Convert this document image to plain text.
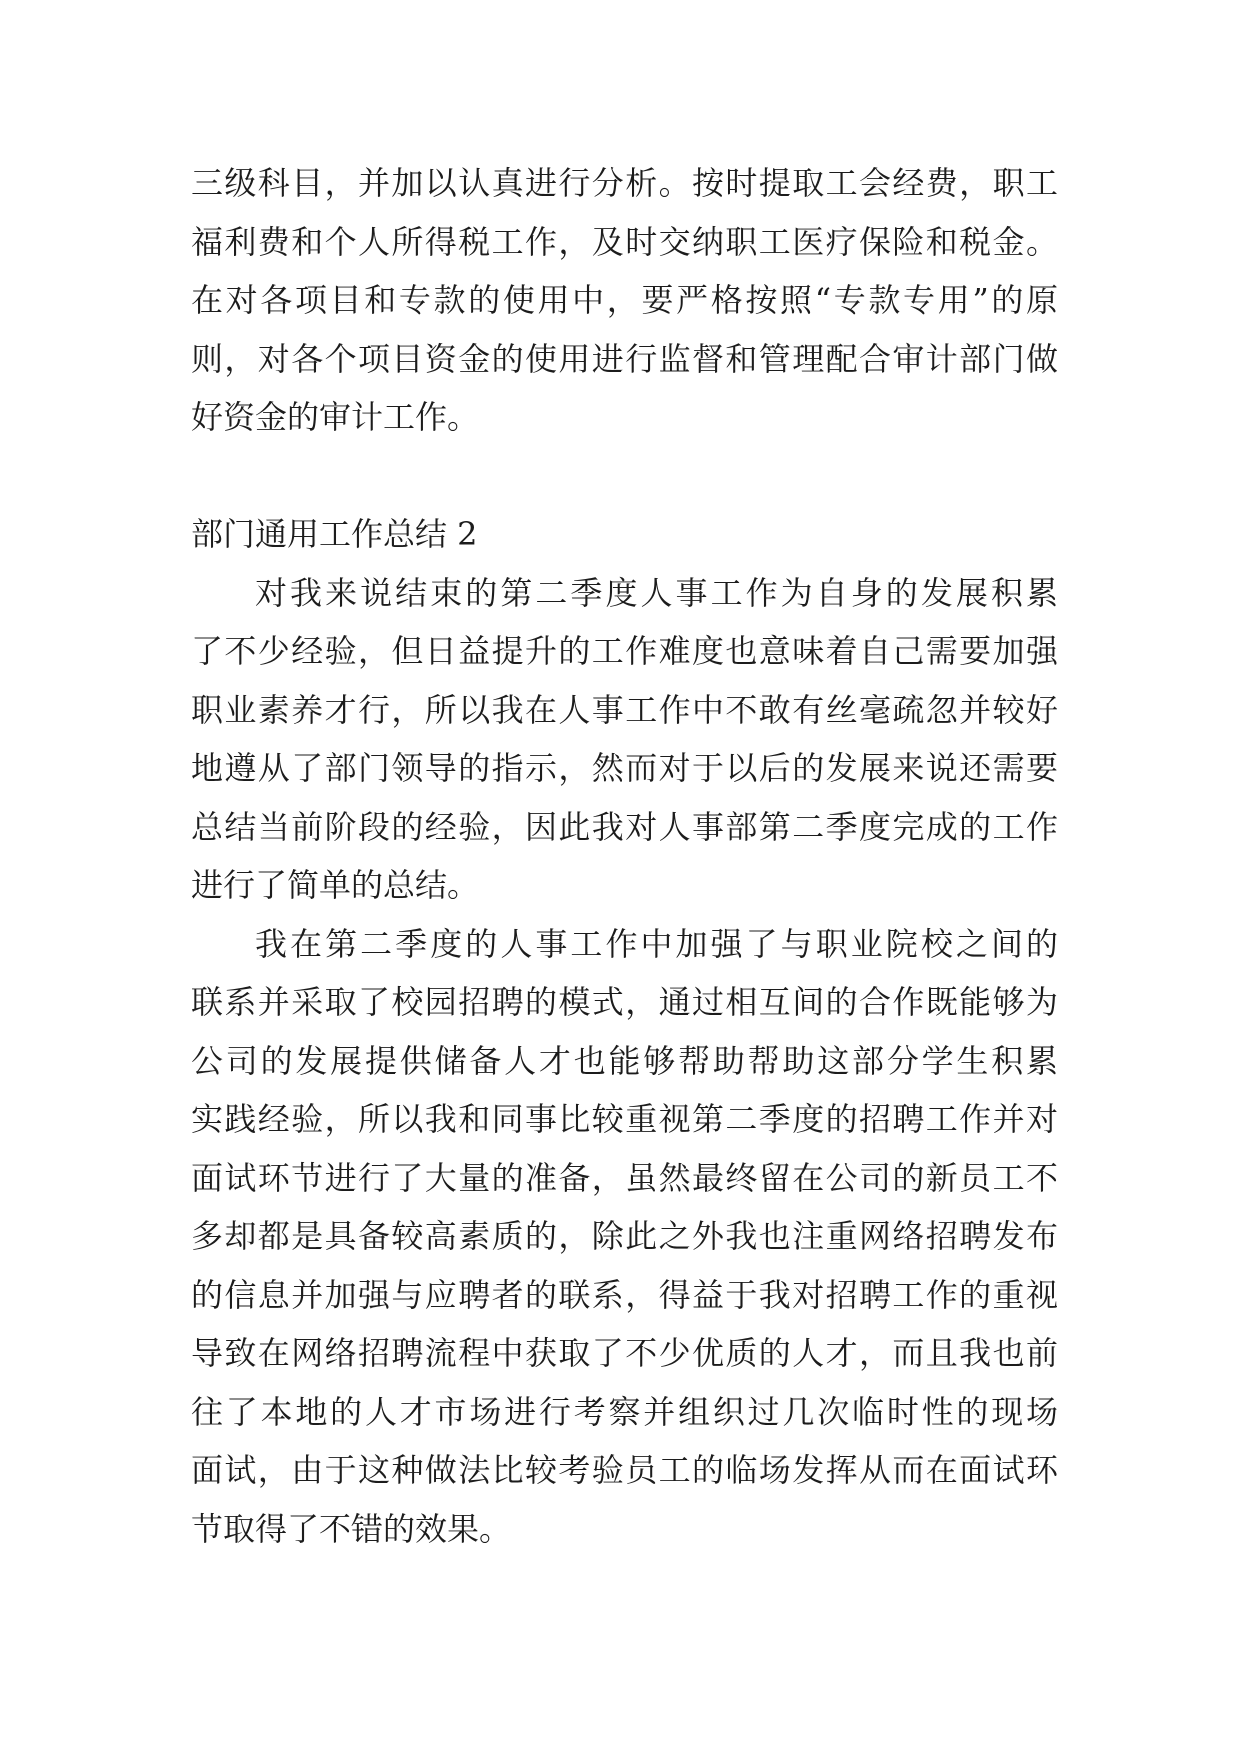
三级科目，并加以认真进行分析。按时提取工会经费，职工
福利费和个人所得税工作，及时交纳职工医疗保险和税金。
在对各项目和专款的使用中，要严格按照“专款专用”的原
则，对各个项目资金的使用进行监督和管理配合审计部门做
好资金的审计工作。
部门通用工作总结 2
对我来说结束的第二季度人事工作为自身的发展积累
了不少经验，但日益提升的工作难度也意味着自己需要加强
职业素养才行，所以我在人事工作中不敢有丝毫疏忽并较好
地遵从了部门领导的指示，然而对于以后的发展来说还需要
总结当前阶段的经验，因此我对人事部第二季度完成的工作
进行了简单的总结。
我在第二季度的人事工作中加强了与职业院校之间的
联系并采取了校园招聘的模式，通过相互间的合作既能够为
公司的发展提供储备人才也能够帮助帮助这部分学生积累
实践经验，所以我和同事比较重视第二季度的招聘工作并对
面试环节进行了大量的准备，虽然最终留在公司的新员工不
多却都是具备较高素质的，除此之外我也注重网络招聘发布
的信息并加强与应聘者的联系，得益于我对招聘工作的重视
导致在网络招聘流程中获取了不少优质的人才，而且我也前
往了本地的人才市场进行考察并组织过几次临时性的现场
面试，由于这种做法比较考验员工的临场发挥从而在面试环
节取得了不错的效果。
